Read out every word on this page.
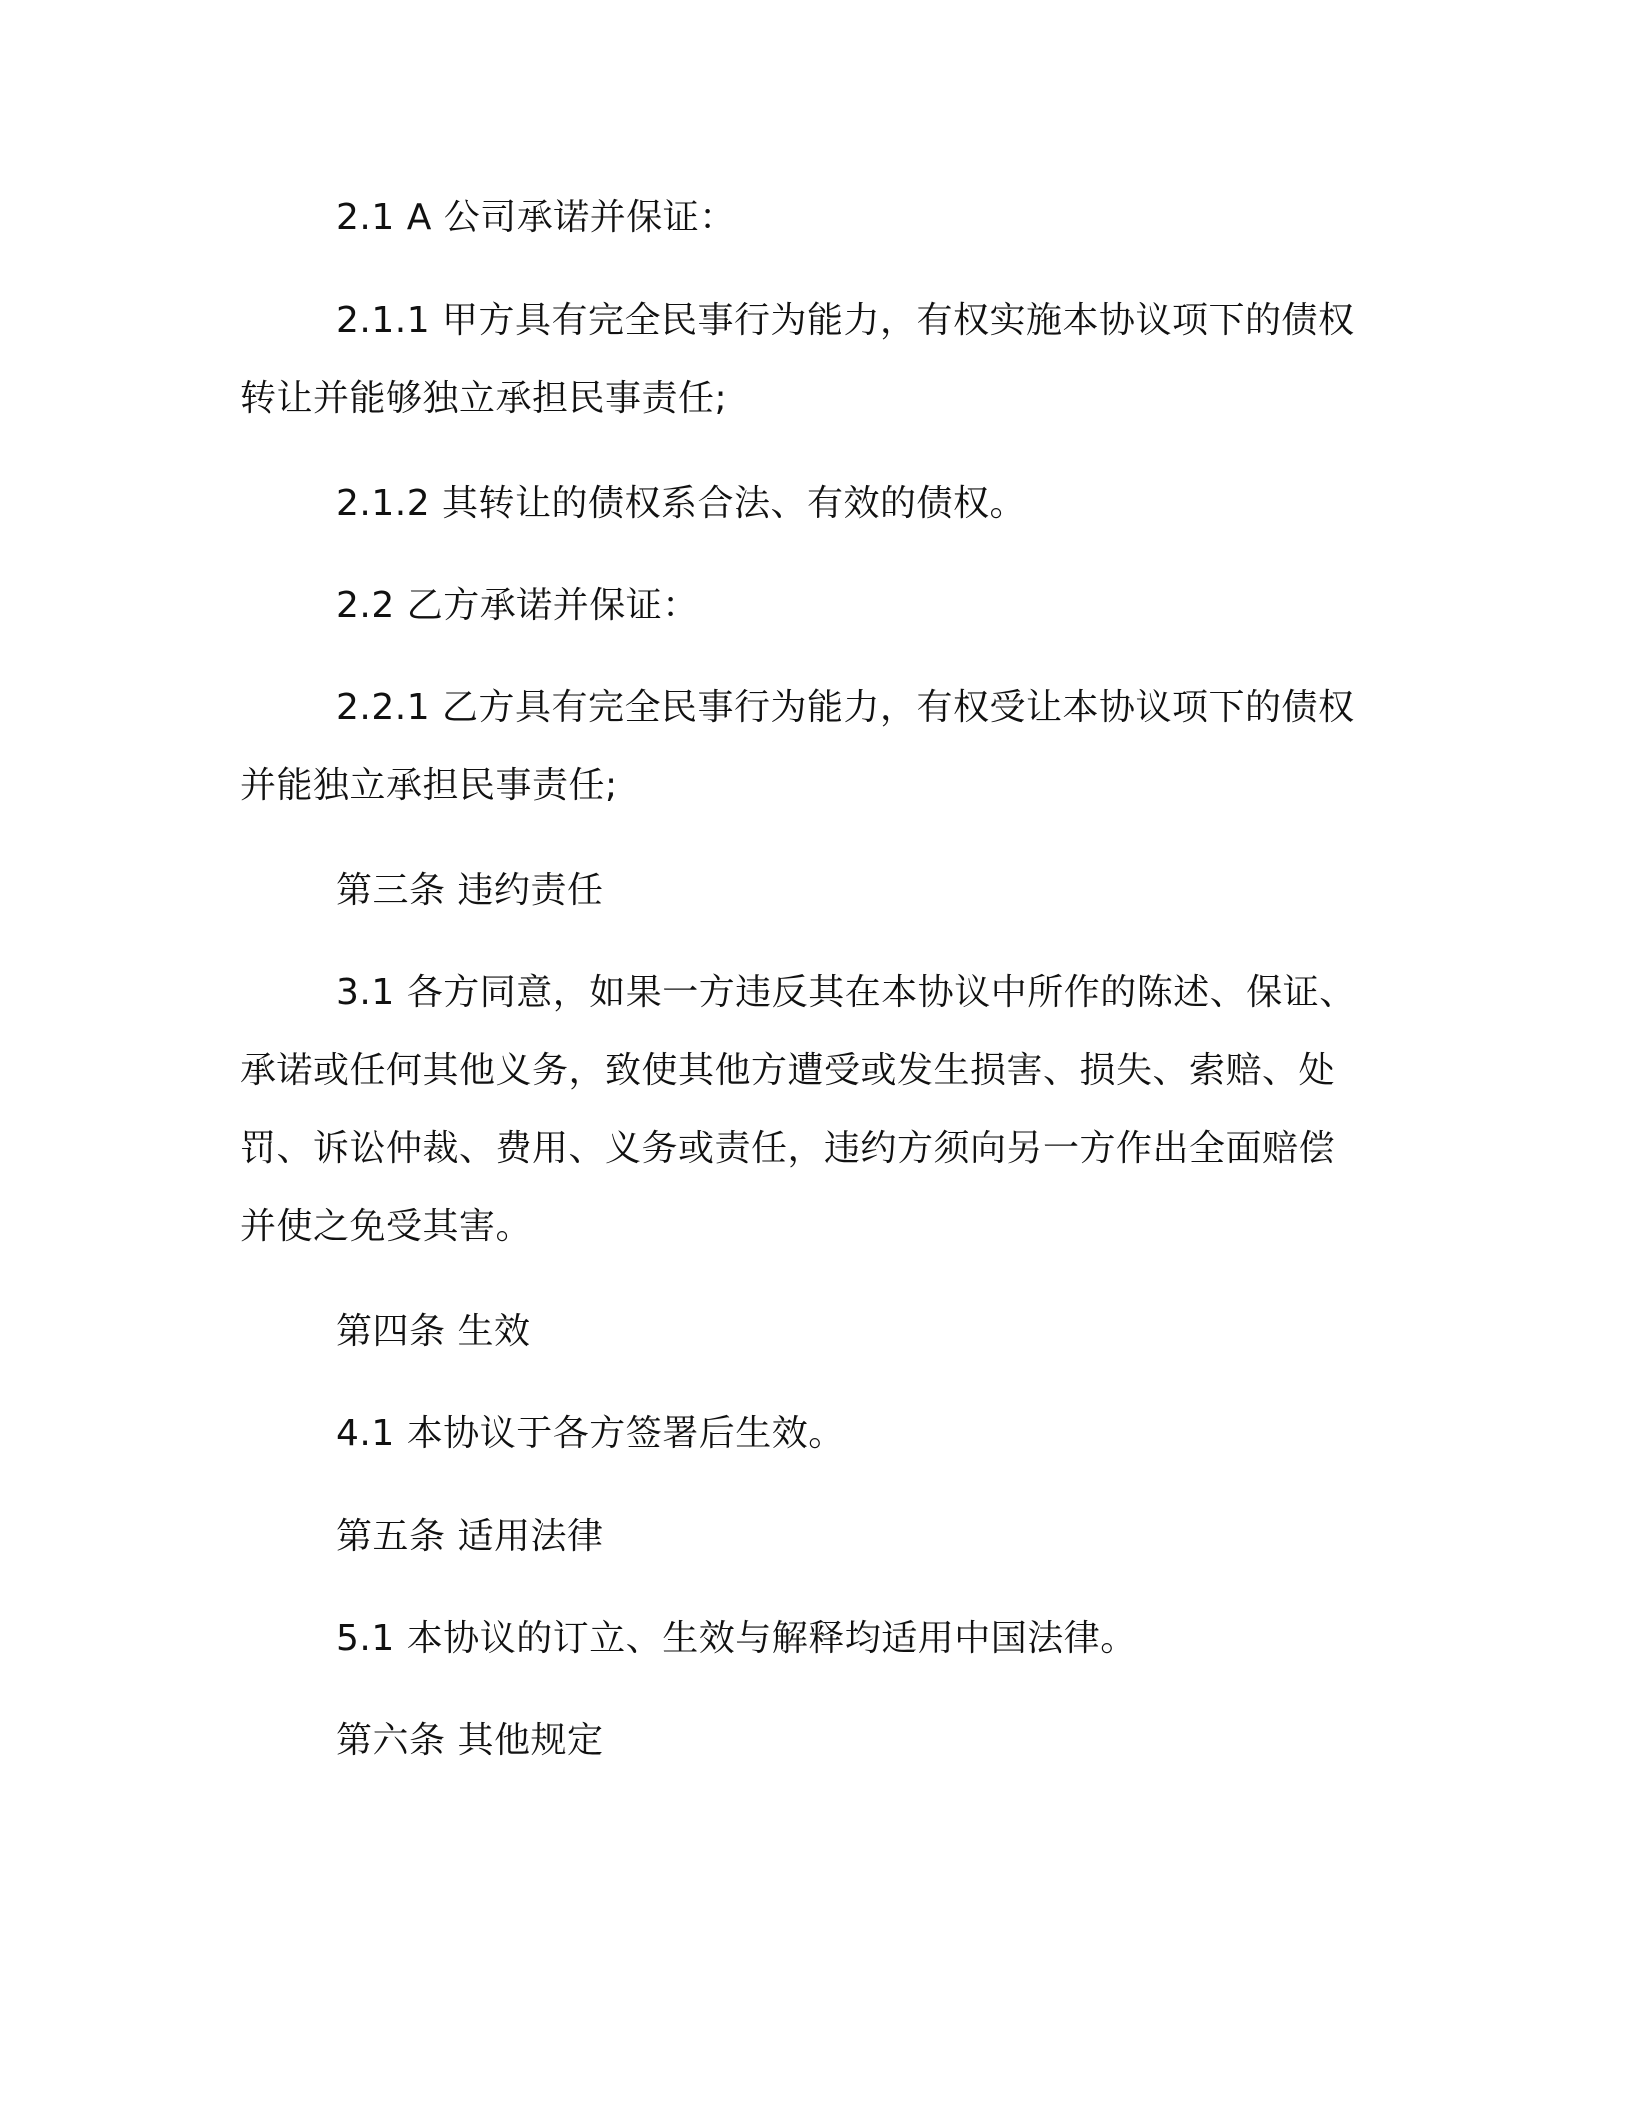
2.1 A 公司承诺并保证：

2.1.1 甲方具有完全民事行为能力，有权实施本协议项下的债权转让并能够独立承担民事责任;

2.1.2 其转让的债权系合法、有效的债权。

2.2 乙方承诺并保证：

2.2.1 乙方具有完全民事行为能力，有权受让本协议项下的债权并能独立承担民事责任;

第三条 违约责任

3.1 各方同意，如果一方违反其在本协议中所作的陈述、保证、承诺或任何其他义务，致使其他方遭受或发生损害、损失、索赔、处罚、诉讼仲裁、费用、义务或责任，违约方须向另一方作出全面赔偿并使之免受其害。

第四条 生效

4.1 本协议于各方签署后生效。

第五条 适用法律

5.1 本协议的订立、生效与解释均适用中国法律。

第六条 其他规定
